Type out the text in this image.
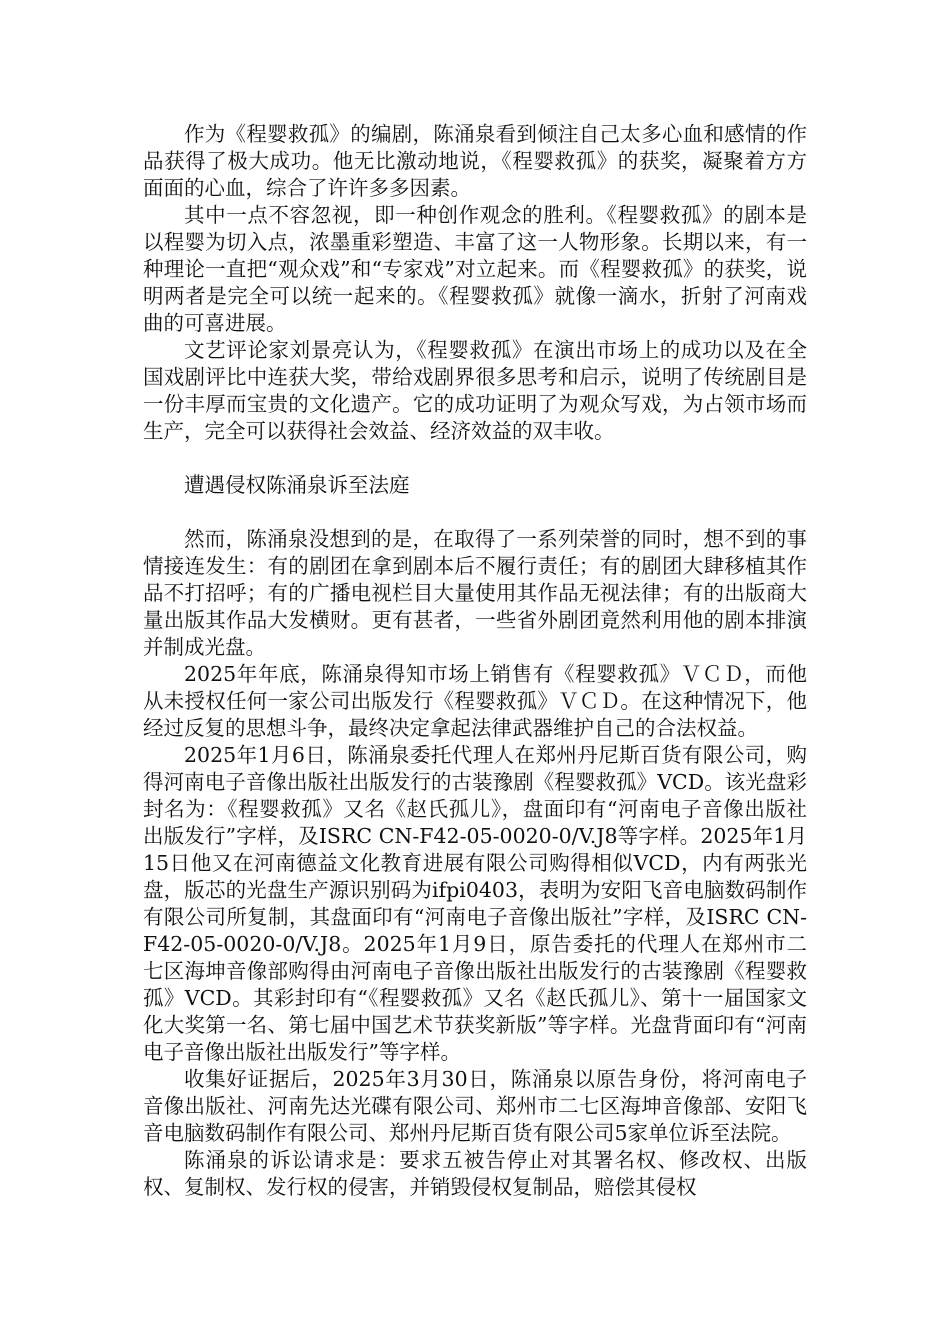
作为《程婴救孤》的编剧，陈涌泉看到倾注自己太多心血和感情的作品获得了极大成功。他无比激动地说，《程婴救孤》的获奖，凝聚着方方面面的心血，综合了许许多多因素。

其中一点不容忽视，即一种创作观念的胜利。《程婴救孤》的剧本是以程婴为切入点，浓墨重彩塑造、丰富了这一人物形象。长期以来，有一种理论一直把“观众戏”和“专家戏”对立起来。而《程婴救孤》的获奖，说明两者是完全可以统一起来的。《程婴救孤》就像一滴水，折射了河南戏曲的可喜进展。

文艺评论家刘景亮认为，《程婴救孤》在演出市场上的成功以及在全国戏剧评比中连获大奖，带给戏剧界很多思考和启示，说明了传统剧目是一份丰厚而宝贵的文化遗产。它的成功证明了为观众写戏，为占领市场而生产，完全可以获得社会效益、经济效益的双丰收。

遭遇侵权陈涌泉诉至法庭

然而，陈涌泉没想到的是，在取得了一系列荣誉的同时，想不到的事情接连发生：有的剧团在拿到剧本后不履行责任；有的剧团大肆移植其作品不打招呼；有的广播电视栏目大量使用其作品无视法律；有的出版商大量出版其作品大发横财。更有甚者，一些省外剧团竟然利用他的剧本排演并制成光盘。

2025年年底，陈涌泉得知市场上销售有《程婴救孤》ＶＣＤ，而他从未授权任何一家公司出版发行《程婴救孤》ＶＣＤ。在这种情况下，他经过反复的思想斗争，最终决定拿起法律武器维护自己的合法权益。

2025年1月6日，陈涌泉委托代理人在郑州丹尼斯百货有限公司，购得河南电子音像出版社出版发行的古装豫剧《程婴救孤》VCD。该光盘彩封名为：《程婴救孤》又名《赵氏孤儿》，盘面印有“河南电子音像出版社出版发行”字样，及ISRC CN-F42-05-0020-0/V.J8等字样。2025年1月15日他又在河南德益文化教育进展有限公司购得相似VCD，内有两张光盘，版芯的光盘生产源识别码为ifpi0403，表明为安阳飞音电脑数码制作有限公司所复制，其盘面印有“河南电子音像出版社”字样，及ISRC CN-F42-05-0020-0/V.J8。2025年1月9日，原告委托的代理人在郑州市二七区海坤音像部购得由河南电子音像出版社出版发行的古装豫剧《程婴救孤》VCD。其彩封印有“《程婴救孤》又名《赵氏孤儿》、第十一届国家文化大奖第一名、第七届中国艺术节获奖新版”等字样。光盘背面印有“河南电子音像出版社出版发行”等字样。

收集好证据后，2025年3月30日，陈涌泉以原告身份，将河南电子音像出版社、河南先达光碟有限公司、郑州市二七区海坤音像部、安阳飞音电脑数码制作有限公司、郑州丹尼斯百货有限公司5家单位诉至法院。

陈涌泉的诉讼请求是：要求五被告停止对其署名权、修改权、出版权、复制权、发行权的侵害，并销毁侵权复制品，赔偿其侵权
